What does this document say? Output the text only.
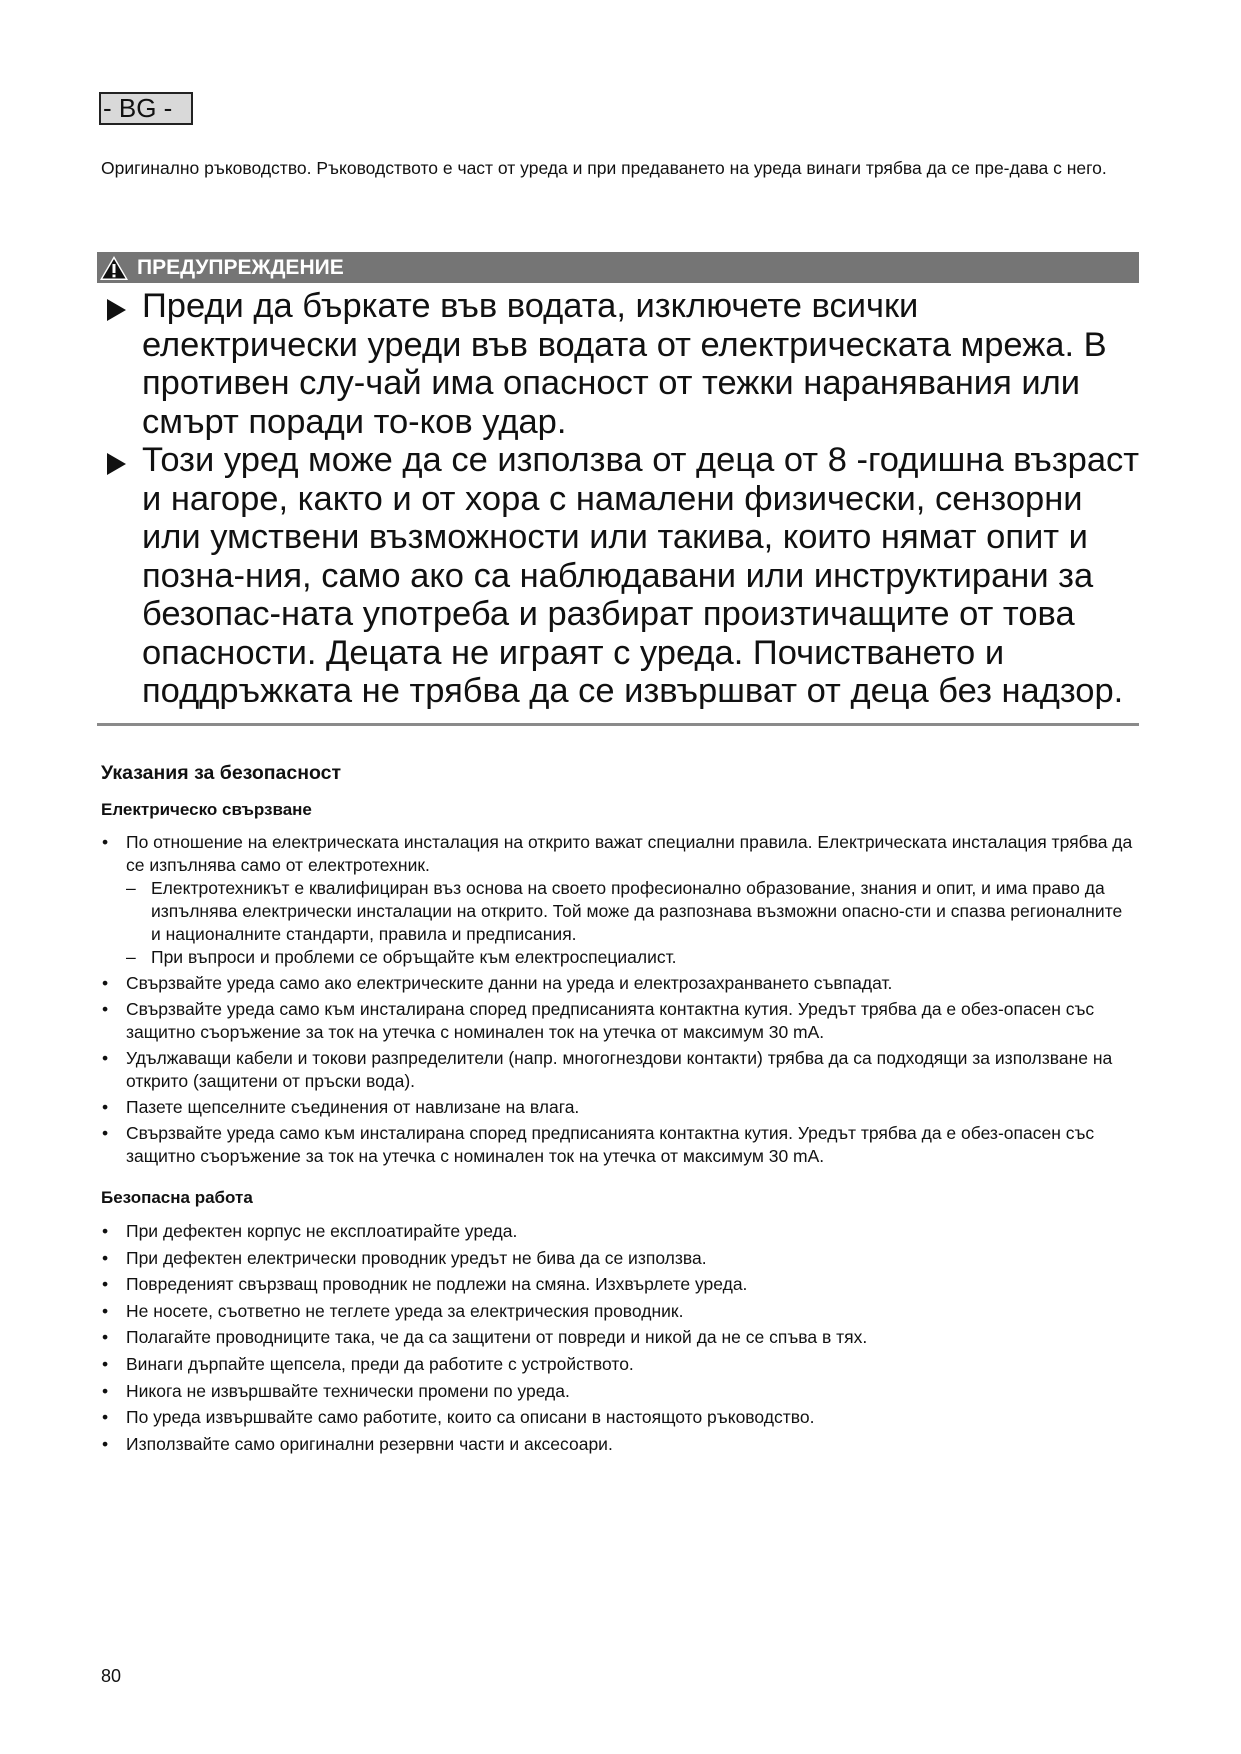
- BG -

Оригинално ръководство. Ръководството е част от уреда и при предаването на уреда винаги трябва да се пре-дава с него.

ПРЕДУПРЕЖДЕНИЕ
Преди да бъркате във водата, изключете всички електрически уреди във водата от електрическата мрежа. В противен слу-чай има опасност от тежки наранявания или смърт поради то-ков удар.
Този уред може да се използва от деца от 8 -годишна възраст и нагоре, както и от хора с намалени физически, сензорни или умствени възможности или такива, които нямат опит и позна-ния, само ако са наблюдавани или инструктирани за безопас-ната употреба и разбират произтичащите от това опасности. Децата не играят с уреда. Почистването и поддръжката не трябва да се извършват от деца без надзор.
Указания за безопасност
Електрическо свързване
• По отношение на електрическата инсталация на открито важат специални правила. Електрическата инсталация трябва да се изпълнява само от електротехник.
– Електротехникът е квалифициран въз основа на своето професионално образование, знания и опит, и има право да изпълнява електрически инсталации на открито. Той може да разпознава възможни опасно-сти и спазва регионалните и националните стандарти, правила и предписания.
– При въпроси и проблеми се обръщайте към електроспециалист.
• Свързвайте уреда само ако електрическите данни на уреда и електрозахранването съвпадат.
• Свързвайте уреда само към инсталирана според предписанията контактна кутия. Уредът трябва да е обез-опасен със защитно съоръжение за ток на утечка с номинален ток на утечка от максимум 30 mA.
• Удължаващи кабели и токови разпределители (напр. многогнездови контакти) трябва да са подходящи за използване на открито (защитени от пръски вода).
• Пазете щепселните съединения от навлизане на влага.
• Свързвайте уреда само към инсталирана според предписанията контактна кутия. Уредът трябва да е обез-опасен със защитно съоръжение за ток на утечка с номинален ток на утечка от максимум 30 mA.
Безопасна работа
• При дефектен корпус не експлоатирайте уреда.
• При дефектен електрически проводник уредът не бива да се използва.
• Повреденият свързващ проводник не подлежи на смяна. Изхвърлете уреда.
• Не носете, съответно не теглете уреда за електрическия проводник.
• Полагайте проводниците така, че да са защитени от повреди и никой да не се спъва в тях.
• Винаги дърпайте щепсела, преди да работите с устройството.
• Никога не извършвайте технически промени по уреда.
• По уреда извършвайте само работите, които са описани в настоящото ръководство.
• Използвайте само оригинални резервни части и аксесоари.
80
